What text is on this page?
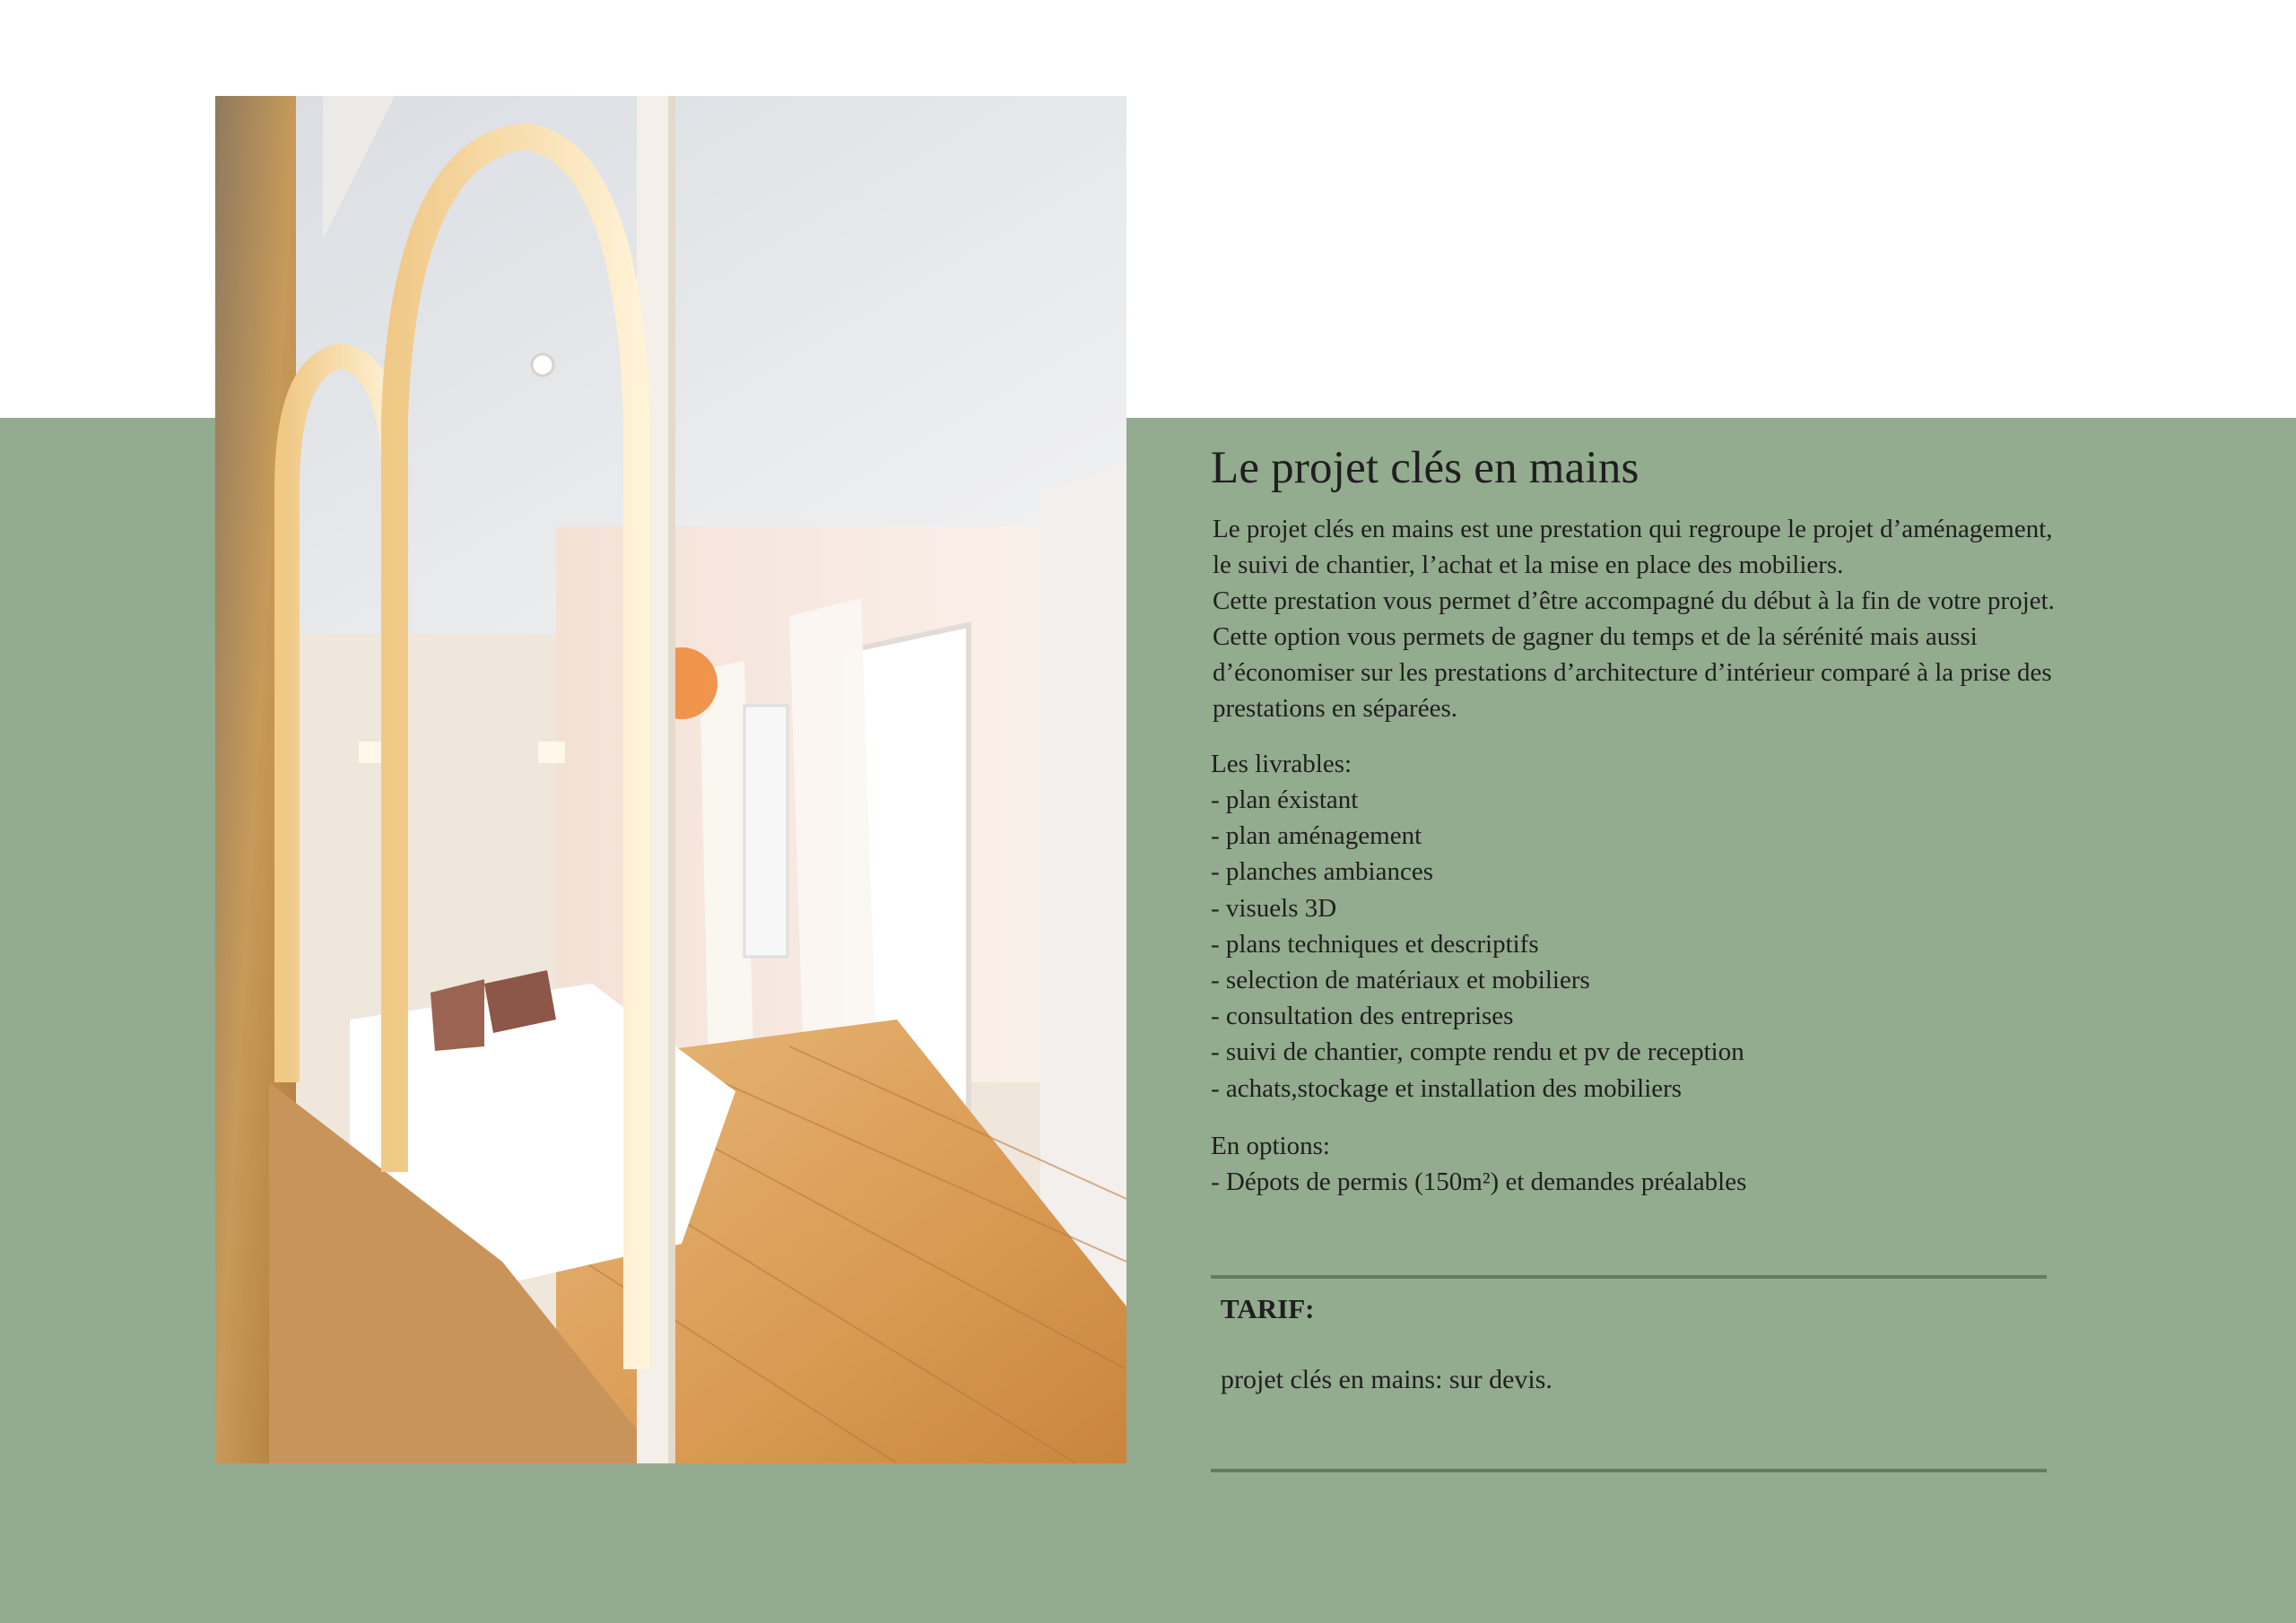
Le projet clés en mains

Le projet clés en mains est une prestation qui regroupe le projet d’aménagement,

le suivi de chantier, l’achat et la mise en place des mobiliers.

Cette prestation vous permet d’être accompagné du début à la fin de votre projet.

Cette option vous permets de gagner du temps et de la sérénité mais aussi

d’économiser sur les prestations d’architecture d’intérieur comparé à la prise des

prestations en séparées.

Les livrables:
- plan éxistant
- plan aménagement
- planches ambiances
- visuels 3D
- plans techniques et descriptifs
- selection de matériaux et mobiliers
- consultation des entreprises
- suivi de chantier, compte rendu et pv de reception
- achats,stockage et installation des mobiliers
En options:
- Dépots de permis (150m²) et demandes préalables
TARIF:
projet clés en mains: sur devis.
